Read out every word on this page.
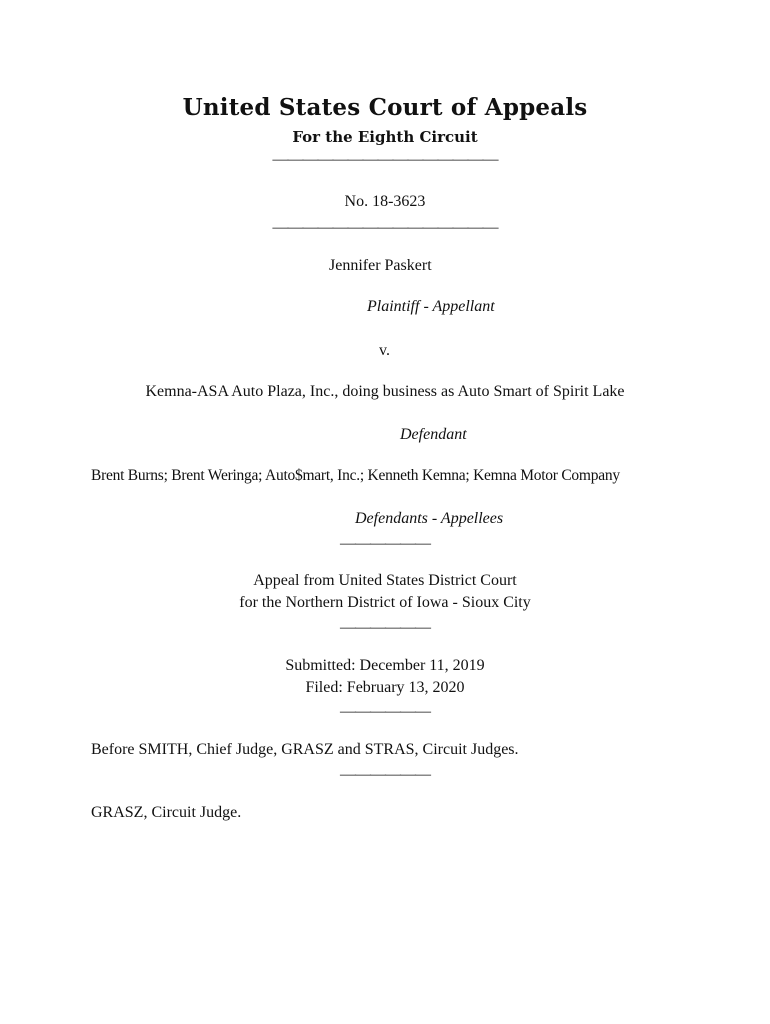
United States Court of Appeals
For the Eighth Circuit
———————————————
No. 18-3623
———————————————
Jennifer Paskert
Plaintiff - Appellant
v.
Kemna-ASA Auto Plaza, Inc., doing business as Auto Smart of Spirit Lake
Defendant
Brent Burns; Brent Weringa; Auto$mart, Inc.; Kenneth Kemna; Kemna Motor Company
Defendants - Appellees
——————
Appeal from United States District Court
for the Northern District of Iowa - Sioux City
——————
Submitted: December 11, 2019
Filed: February 13, 2020
——————
Before SMITH, Chief Judge, GRASZ and STRAS, Circuit Judges.
——————
GRASZ, Circuit Judge.
